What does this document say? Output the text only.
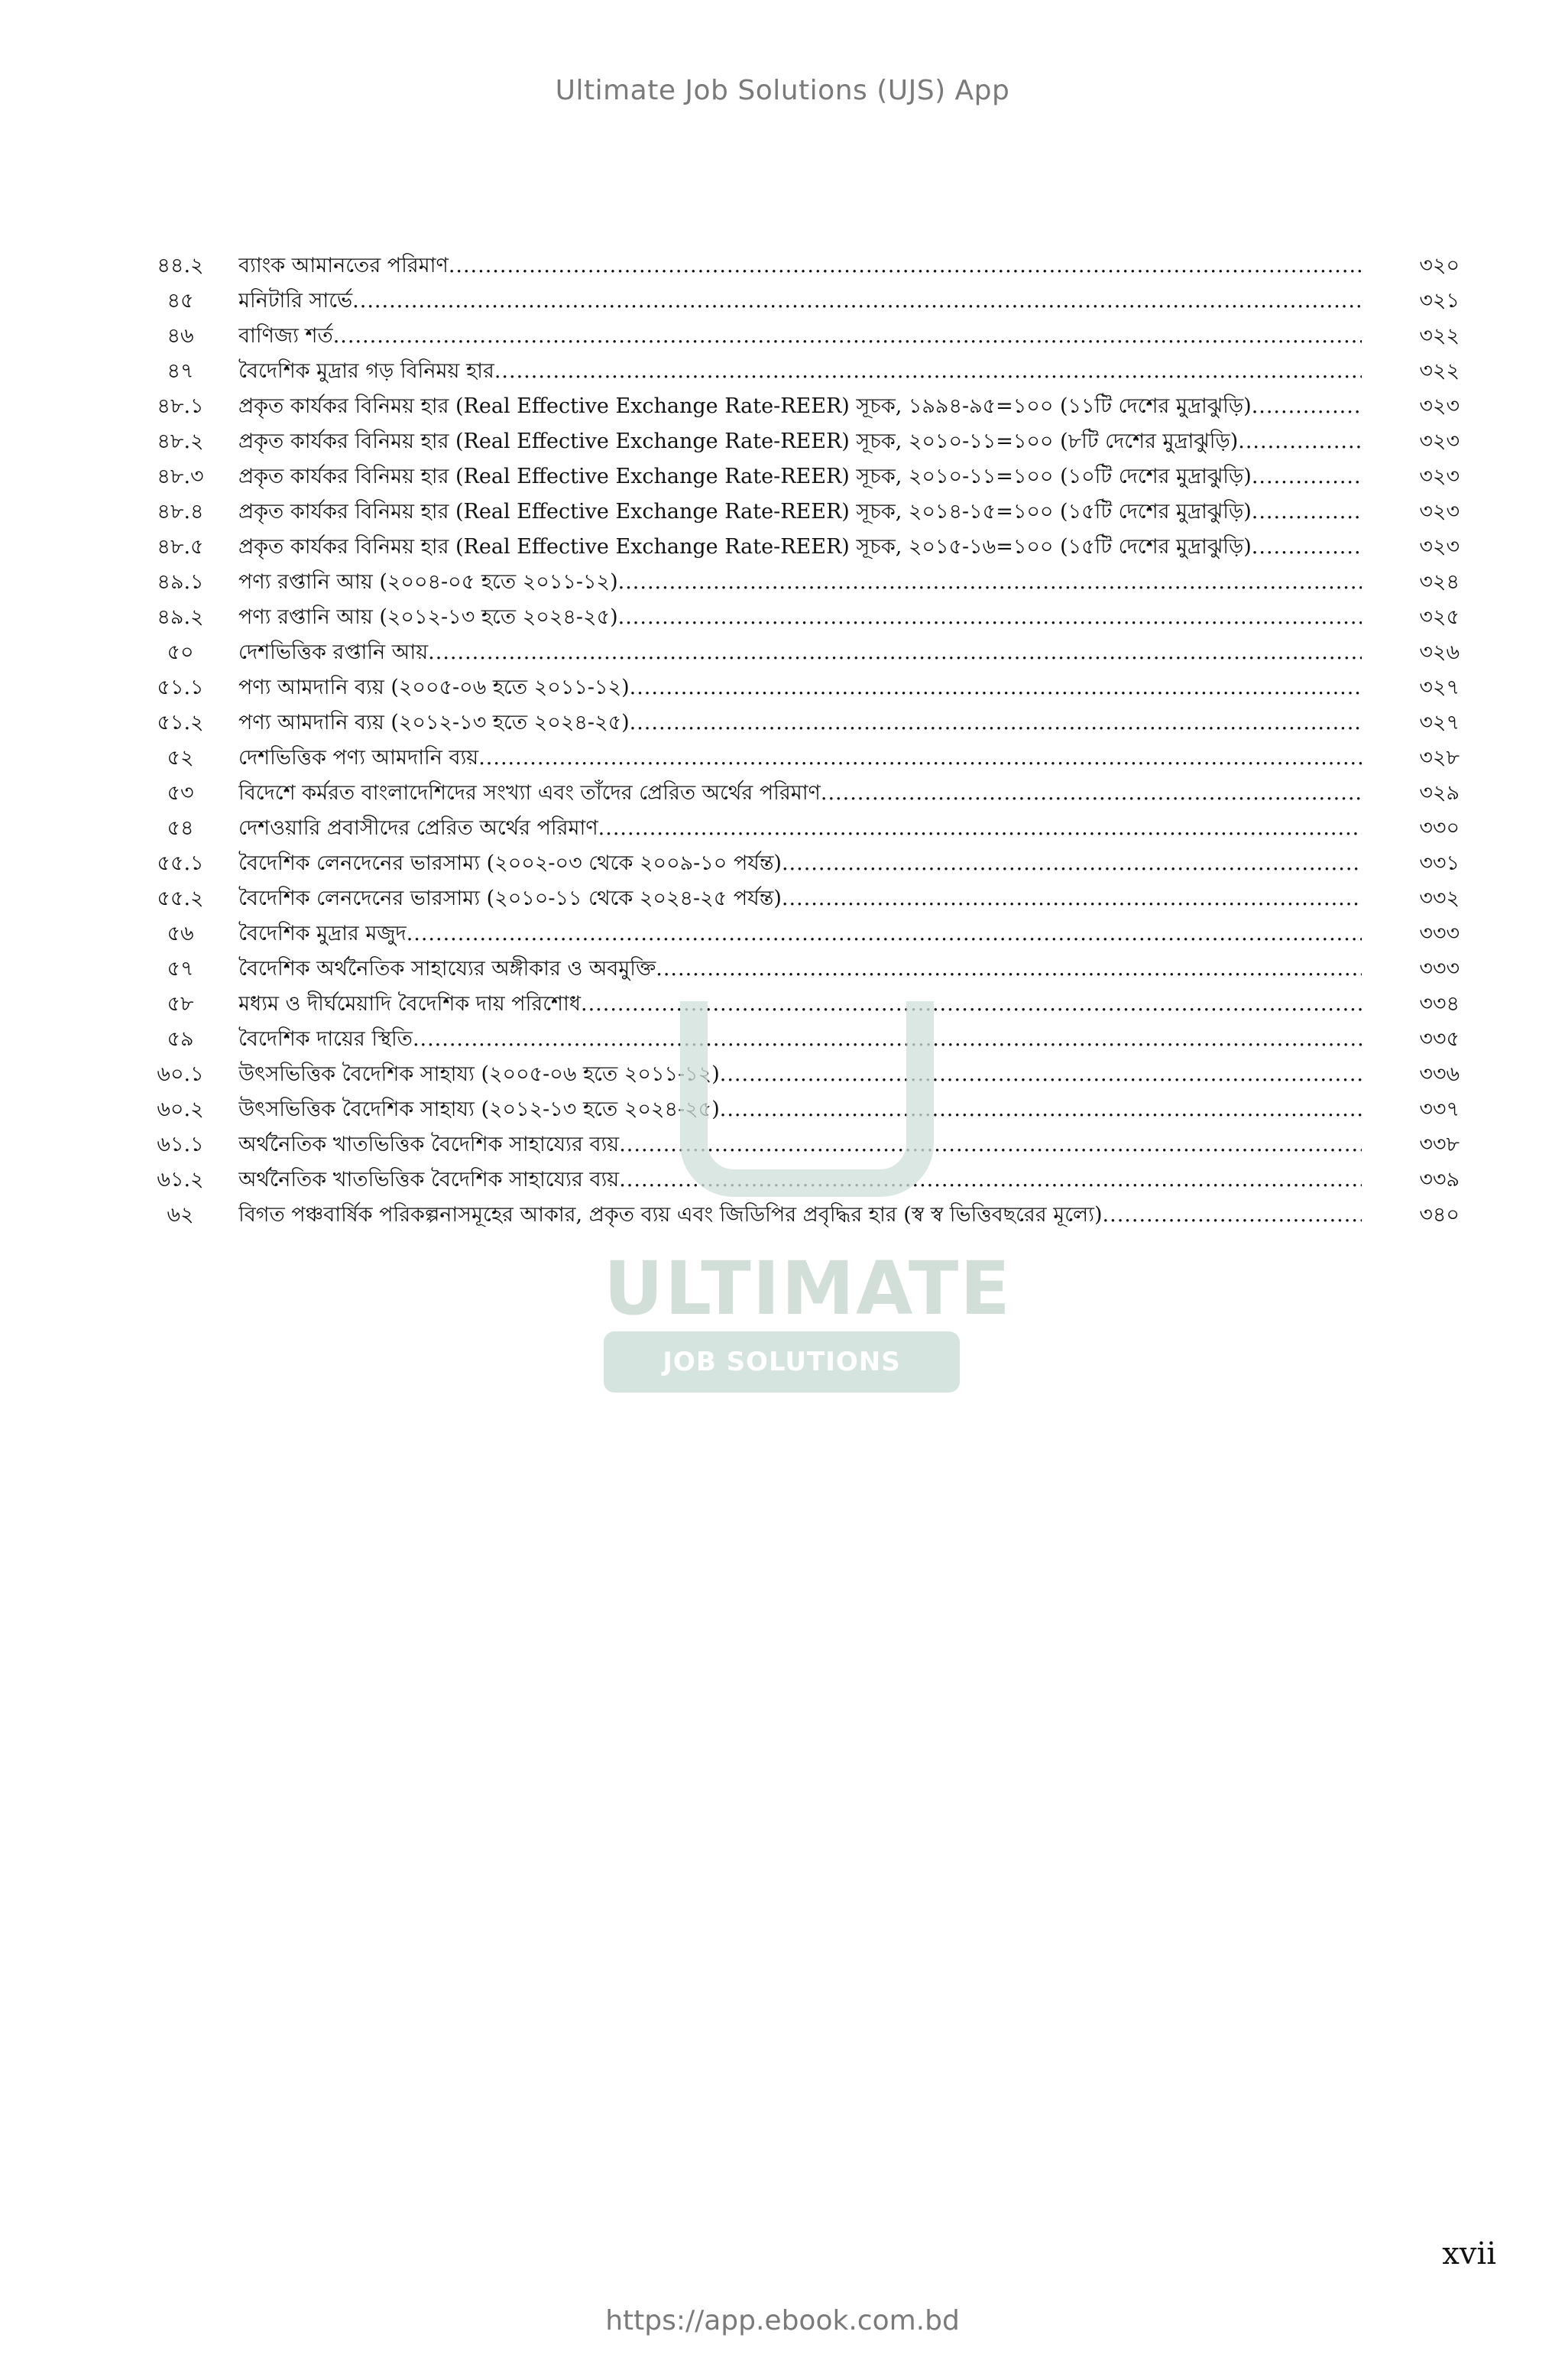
Ultimate Job Solutions (UJS) App
৪৪.২	ব্যাংক আমানতের পরিমাণ .....	৩২০
৪৫	মনিটারি সার্ভে .....	৩২১
৪৬	বাণিজ্য শর্ত .....	৩২২
৪৭	বৈদেশিক মুদ্রার গড় বিনিময় হার .....	৩২২
৪৮.১	প্রকৃত কার্যকর বিনিময় হার (Real Effective Exchange Rate-REER) সূচক, ১৯৯৪-৯৫=১০০ (১১টি দেশের মুদ্রাঝুড়ি) .....	৩২৩
৪৮.২	প্রকৃত কার্যকর বিনিময় হার (Real Effective Exchange Rate-REER) সূচক, ২০১০-১১=১০০ (৮টি দেশের মুদ্রাঝুড়ি) .....	৩২৩
৪৮.৩	প্রকৃত কার্যকর বিনিময় হার (Real Effective Exchange Rate-REER) সূচক, ২০১০-১১=১০০ (১০টি দেশের মুদ্রাঝুড়ি) .....	৩২৩
৪৮.৪	প্রকৃত কার্যকর বিনিময় হার (Real Effective Exchange Rate-REER) সূচক, ২০১৪-১৫=১০০ (১৫টি দেশের মুদ্রাঝুড়ি) .....	৩২৩
৪৮.৫	প্রকৃত কার্যকর বিনিময় হার (Real Effective Exchange Rate-REER) সূচক, ২০১৫-১৬=১০০ (১৫টি দেশের মুদ্রাঝুড়ি) .....	৩২৩
৪৯.১	পণ্য রপ্তানি আয় (২০০৪-০৫ হতে ২০১১-১২) .....	৩২৪
৪৯.২	পণ্য রপ্তানি আয় (২০১২-১৩ হতে ২০২৪-২৫) .....	৩২৫
৫০	দেশভিত্তিক রপ্তানি আয় .....	৩২৬
৫১.১	পণ্য আমদানি ব্যয় (২০০৫-০৬ হতে ২০১১-১২) .....	৩২৭
৫১.২	পণ্য আমদানি ব্যয় (২০১২-১৩ হতে ২০২৪-২৫) .....	৩২৭
৫২	দেশভিত্তিক পণ্য আমদানি ব্যয় .....	৩২৮
৫৩	বিদেশে কর্মরত বাংলাদেশিদের সংখ্যা এবং তাঁদের প্রেরিত অর্থের পরিমাণ .....	৩২৯
৫৪	দেশওয়ারি প্রবাসীদের প্রেরিত অর্থের পরিমাণ .....	৩৩০
৫৫.১	বৈদেশিক লেনদেনের ভারসাম্য (২০০২-০৩ থেকে ২০০৯-১০ পর্যন্ত) .....	৩৩১
৫৫.২	বৈদেশিক লেনদেনের ভারসাম্য (২০১০-১১ থেকে ২০২৪-২৫ পর্যন্ত) .....	৩৩২
৫৬	বৈদেশিক মুদ্রার মজুদ .....	৩৩৩
৫৭	বৈদেশিক অর্থনৈতিক সাহায্যের অঙ্গীকার ও অবমুক্তি .....	৩৩৩
৫৮	মধ্যম ও দীর্ঘমেয়াদি বৈদেশিক দায় পরিশোধ .....	৩৩৪
৫৯	বৈদেশিক দায়ের স্থিতি .....	৩৩৫
৬০.১	উৎসভিত্তিক বৈদেশিক সাহায্য (২০০৫-০৬ হতে ২০১১-১২) .....	৩৩৬
৬০.২	উৎসভিত্তিক বৈদেশিক সাহায্য (২০১২-১৩ হতে ২০২৪-২৫) .....	৩৩৭
৬১.১	অর্থনৈতিক খাতভিত্তিক বৈদেশিক সাহায্যের ব্যয় .....	৩৩৮
৬১.২	অর্থনৈতিক খাতভিত্তিক বৈদেশিক সাহায্যের ব্যয় .....	৩৩৯
৬২	বিগত পঞ্চবার্ষিক পরিকল্পনাসমূহের আকার, প্রকৃত ব্যয় এবং জিডিপির প্রবৃদ্ধির হার (স্ব স্ব ভিত্তিবছরের মূল্যে) .....	৩৪০
ULTIMATE
JOB SOLUTIONS
xvii
https://app.ebook.com.bd
